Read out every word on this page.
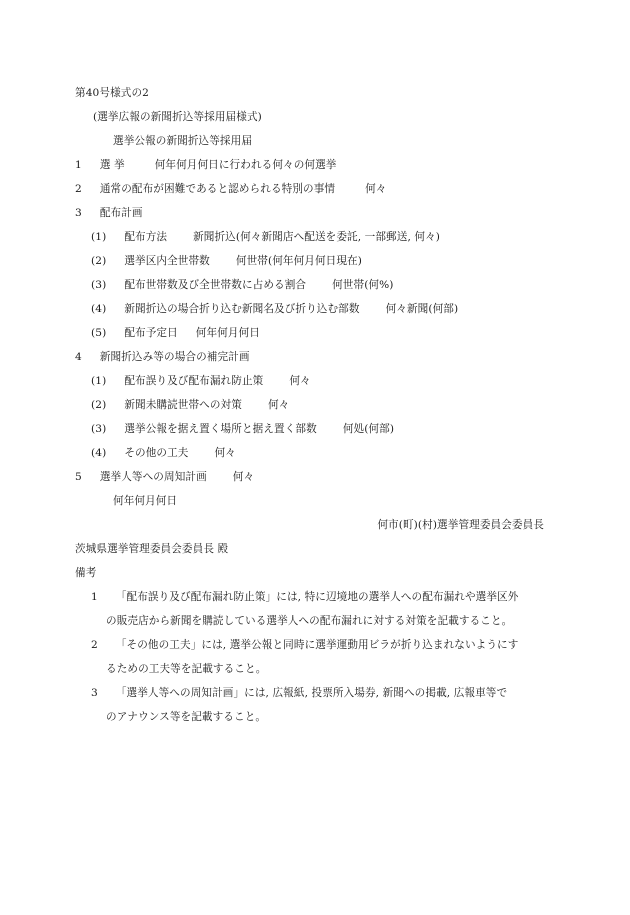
第40号様式の2
(選挙広報の新聞折込等採用届様式)
選挙公報の新聞折込等採用届
1 選 挙	何年何月何日に行われる何々の何選挙
2 通常の配布が困難であると認められる特別の事情	何々
3 配布計画
(1) 配布方法 新聞折込(何々新聞店へ配送を委託, 一部郵送, 何々)
(2) 選挙区内全世帯数 何世帯(何年何月何日現在)
(3) 配布世帯数及び全世帯数に占める割合 何世帯(何%)
(4) 新聞折込の場合折り込む新聞名及び折り込む部数 何々新聞(何部)
(5) 配布予定日 何年何月何日
4 新聞折込み等の場合の補完計画
(1) 配布誤り及び配布漏れ防止策 何々
(2) 新聞未購読世帯への対策 何々
(3) 選挙公報を据え置く場所と据え置く部数 何処(何部)
(4) その他の工夫 何々
5 選挙人等への周知計画 何々
何年何月何日
何市(町)(村)選挙管理委員会委員長
茨城県選挙管理委員会委員長 殿
備考
1 「配布誤り及び配布漏れ防止策」には, 特に辺境地の選挙人への配布漏れや選挙区外
の販売店から新聞を購読している選挙人への配布漏れに対する対策を記載すること。
2 「その他の工夫」には, 選挙公報と同時に選挙運動用ビラが折り込まれないようにす
るための工夫等を記載すること。
3 「選挙人等への周知計画」には, 広報紙, 投票所入場券, 新聞への掲載, 広報車等で
のアナウンス等を記載すること。
